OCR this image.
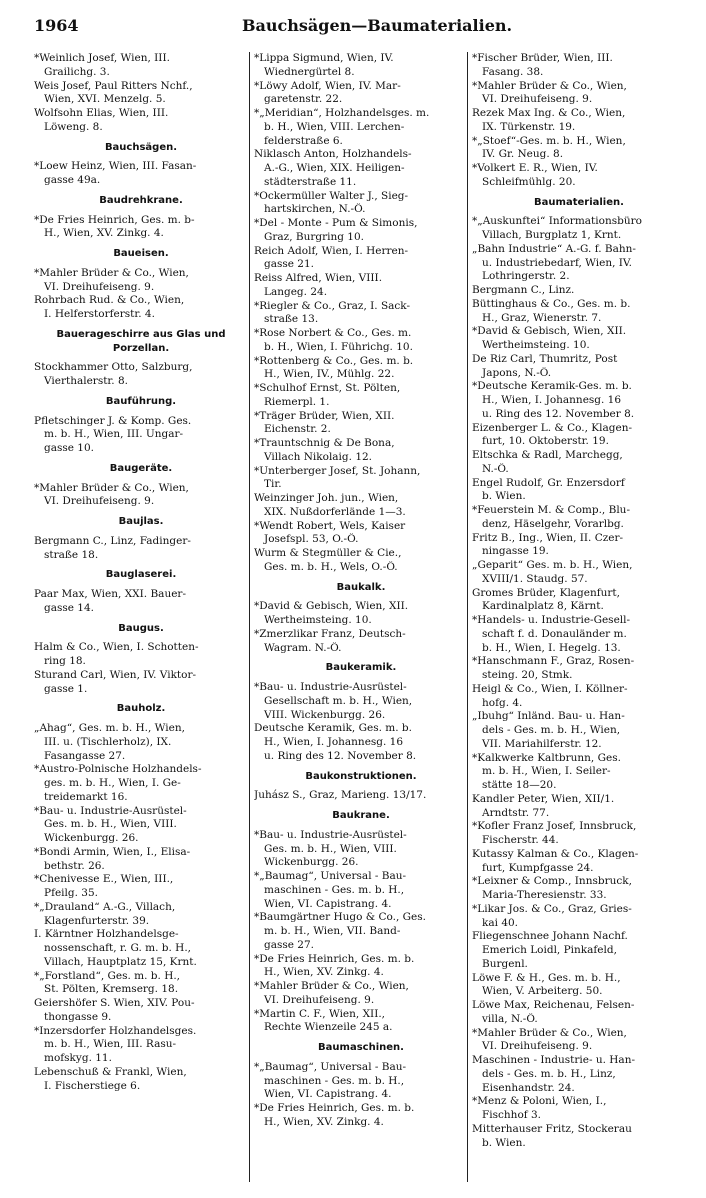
1964	Bauchsägen—Baumaterialien.
*Weinlich Josef, Wien, III.
Grailichg. 3.
Weis Josef, Paul Ritters Nchf.,
Wien, XVI. Menzelg. 5.
Wolfsohn Elias, Wien, III.
Löweng. 8.
Bauchsägen.
*Loew Heinz, Wien, III. Fasan-
gasse 49a.
Baudrehkrane.
*De Fries Heinrich, Ges. m. b-
H., Wien, XV. Zinkg. 4.
Baueisen.
*Mahler Brüder & Co., Wien,
VI. Dreihufeiseng. 9.
Rohrbach Rud. & Co., Wien,
I. Helferstorferstr. 4.
Bauerageschirre aus Glas und
Porzellan.
Stockhammer Otto, Salzburg,
Vierthalerstr. 8.
Bauführung.
Pfletschinger J. & Komp. Ges.
m. b. H., Wien, III. Ungar-
gasse 10.
Baugeräte.
*Mahler Brüder & Co., Wien,
VI. Dreihufeiseng. 9.
Baujlas.
Bergmann C., Linz, Fadinger-
straße 18.
Bauglaserei.
Paar Max, Wien, XXI. Bauer-
gasse 14.
Baugus.
Halm & Co., Wien, I. Schotten-
ring 18.
Sturand Carl, Wien, IV. Viktor-
gasse 1.
Bauholz.
„Ahag“, Ges. m. b. H., Wien,
III. u. (Tischlerholz), IX.
Fasangasse 27.
*Austro-Polnische Holzhandels-
ges. m. b. H., Wien, I. Ge-
treidemarkt 16.
*Bau- u. Industrie-Ausrüstel-
Ges. m. b. H., Wien, VIII.
Wickenburgg. 26.
*Bondi Armin, Wien, I., Elisa-
bethstr. 26.
*Chenivesse E., Wien, III.,
Pfeilg. 35.
*„Drauland“ A.-G., Villach,
Klagenfurterstr. 39.
I. Kärntner Holzhandelsge-
nossenschaft, r. G. m. b. H.,
Villach, Hauptplatz 15, Krnt.
*„Forstland“, Ges. m. b. H.,
St. Pölten, Kremserg. 18.
Geiershöfer S. Wien, XIV. Pou-
thongasse 9.
*Inzersdorfer Holzhandelsges.
m. b. H., Wien, III. Rasu-
mofskyg. 11.
Lebenschuß & Frankl, Wien,
I. Fischerstiege 6.
*Lippa Sigmund, Wien, IV.
Wiednergürtel 8.
*Löwy Adolf, Wien, IV. Mar-
garetenstr. 22.
*„Meridian“, Holzhandelsges. m.
b. H., Wien, VIII. Lerchen-
felderstraße 6.
Niklasch Anton, Holzhandels-
A.-G., Wien, XIX. Heiligen-
städterstraße 11.
*Ockermüller Walter J., Sieg-
hartskirchen, N.-Ö.
*Del - Monte - Pum & Simonis,
Graz, Burgring 10.
Reich Adolf, Wien, I. Herren-
gasse 21.
Reiss Alfred, Wien, VIII.
Langeg. 24.
*Riegler & Co., Graz, I. Sack-
straße 13.
*Rose Norbert & Co., Ges. m.
b. H., Wien, I. Führichg. 10.
*Rottenberg & Co., Ges. m. b.
H., Wien, IV., Mühlg. 22.
*Schulhof Ernst, St. Pölten,
Riemerpl. 1.
*Träger Brüder, Wien, XII.
Eichenstr. 2.
*Trauntschnig & De Bona,
Villach Nikolaig. 12.
*Unterberger Josef, St. Johann,
Tir.
Weinzinger Joh. jun., Wien,
XIX. Nußdorferlände 1—3.
*Wendt Robert, Wels, Kaiser
Josefspl. 53, O.-Ö.
Wurm & Stegmüller & Cie.,
Ges. m. b. H., Wels, O.-Ö.
Baukalk.
*David & Gebisch, Wien, XII.
Wertheimsteing. 10.
*Zmerzlikar Franz, Deutsch-
Wagram. N.-Ö.
Baukeramik.
*Bau- u. Industrie-Ausrüstel-
Gesellschaft m. b. H., Wien,
VIII. Wickenburgg. 26.
Deutsche Keramik, Ges. m. b.
H., Wien, I. Johannesg. 16
u. Ring des 12. November 8.
Baukonstruktionen.
Juhász S., Graz, Marieng. 13/17.
Baukrane.
*Bau- u. Industrie-Ausrüstel-
Ges. m. b. H., Wien, VIII.
Wickenburgg. 26.
*„Baumag“, Universal - Bau-
maschinen - Ges. m. b. H.,
Wien, VI. Capistrang. 4.
*Baumgärtner Hugo & Co., Ges.
m. b. H., Wien, VII. Band-
gasse 27.
*De Fries Heinrich, Ges. m. b.
H., Wien, XV. Zinkg. 4.
*Mahler Brüder & Co., Wien,
VI. Dreihufeiseng. 9.
*Martin C. F., Wien, XII.,
Rechte Wienzeile 245 a.
Baumaschinen.
*„Baumag“, Universal - Bau-
maschinen - Ges. m. b. H.,
Wien, VI. Capistrang. 4.
*De Fries Heinrich, Ges. m. b.
H., Wien, XV. Zinkg. 4.
*Fischer Brüder, Wien, III.
Fasang. 38.
*Mahler Brüder & Co., Wien,
VI. Dreihufeiseng. 9.
Rezek Max Ing. & Co., Wien,
IX. Türkenstr. 19.
*„Stoef“-Ges. m. b. H., Wien,
IV. Gr. Neug. 8.
*Volkert E. R., Wien, IV.
Schleifmühlg. 20.
Baumaterialien.
*„Auskunftei“ Informationsbüro
Villach, Burgplatz 1, Krnt.
„Bahn Industrie“ A.-G. f. Bahn-
u. Industriebedarf, Wien, IV.
Lothringerstr. 2.
Bergmann C., Linz.
Büttinghaus & Co., Ges. m. b.
H., Graz, Wienerstr. 7.
*David & Gebisch, Wien, XII.
Wertheimsteing. 10.
De Riz Carl, Thumritz, Post
Japons, N.-Ö.
*Deutsche Keramik-Ges. m. b.
H., Wien, I. Johannesg. 16
u. Ring des 12. November 8.
Eizenberger L. & Co., Klagen-
furt, 10. Oktoberstr. 19.
Eltschka & Radl, Marchegg,
N.-Ö.
Engel Rudolf, Gr. Enzersdorf
b. Wien.
*Feuerstein M. & Comp., Blu-
denz, Häselgehr, Vorarlbg.
Fritz B., Ing., Wien, II. Czer-
ningasse 19.
„Geparit“ Ges. m. b. H., Wien,
XVIII/1. Staudg. 57.
Gromes Brüder, Klagenfurt,
Kardinalplatz 8, Kärnt.
*Handels- u. Industrie-Gesell-
schaft f. d. Donauländer m.
b. H., Wien, I. Hegelg. 13.
*Hanschmann F., Graz, Rosen-
steing. 20, Stmk.
Heigl & Co., Wien, I. Köllner-
hofg. 4.
„Ibuhg“ Inländ. Bau- u. Han-
dels - Ges. m. b. H., Wien,
VII. Mariahilferstr. 12.
*Kalkwerke Kaltbrunn, Ges.
m. b. H., Wien, I. Seiler-
stätte 18—20.
Kandler Peter, Wien, XII/1.
Arndtstr. 77.
*Kofler Franz Josef, Innsbruck,
Fischerstr. 44.
Kutassy Kalman & Co., Klagen-
furt, Kumpfgasse 24.
*Leixner & Comp., Innsbruck,
Maria-Theresienstr. 33.
*Likar Jos. & Co., Graz, Gries-
kai 40.
Fliegenschnee Johann Nachf.
Emerich Loidl, Pinkafeld,
Burgenl.
Löwe F. & H., Ges. m. b. H.,
Wien, V. Arbeiterg. 50.
Löwe Max, Reichenau, Felsen-
villa, N.-Ö.
*Mahler Brüder & Co., Wien,
VI. Dreihufeiseng. 9.
Maschinen - Industrie- u. Han-
dels - Ges. m. b. H., Linz,
Eisenhandstr. 24.
*Menz & Poloni, Wien, I.,
Fischhof 3.
Mitterhauser Fritz, Stockerau
b. Wien.
